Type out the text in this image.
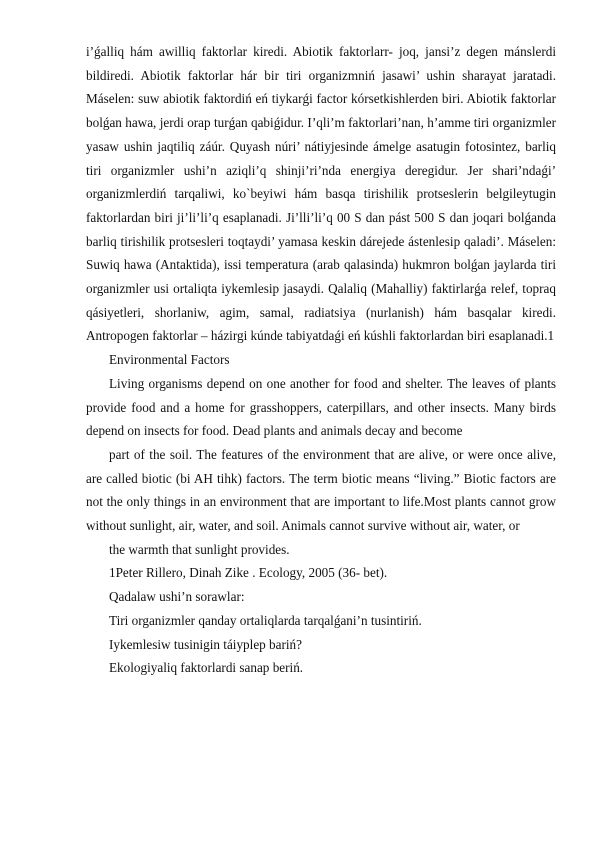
i’ǵalliq hám awilliq faktorlar kiredi. Abiotik faktorlarr- joq, jansi’z degen mánslerdi bildiredi. Abiotik faktorlar hár bir tiri organizmniń jasawi’ ushin sharayat jaratadi. Máselen: suw abiotik faktordiń eń tiykarǵi factor kórsetkishlerden biri. Abiotik faktorlar bolǵan hawa, jerdi orap turǵan qabiǵidur. I’qli’m faktorlari’nan, h’amme tiri organizmler yasaw ushin jaqtiliq záúr. Quyash núri’ nátiyjesinde ámelge asatugin fotosintez, barliq tiri organizmler ushi’n aziqli’q shinji’ri’nda energiya deregidur. Jer shari’ndaǵi’ organizmlerdiń tarqaliwi, ko`beyiwi hám basqa tirishilik protseslerin belgileytugin faktorlardan biri ji’li’li’q esaplanadi. Ji’lli’li’q 00 S dan pást 500 S dan joqari bolǵanda barliq tirishilik protsesleri toqtaydi’ yamasa keskin dárejede ástenlesip qaladi’. Máselen: Suwiq hawa (Antaktida), issi temperatura (arab qalasinda) hukmron bolǵan jaylarda tiri organizmler usi ortaliqta iykemlesip jasaydi. Qalaliq (Mahalliy) faktirlarǵa relef, topraq qásiyetleri, shorlaniw, agim, samal, radiatsiya (nurlanish) hám basqalar kiredi. Antropogen faktorlar – házirgi kúnde tabiyatdaǵi eń kúshli faktorlardan biri esaplanadi.1

Environmental Factors

Living organisms depend on one another for food and shelter. The leaves of plants provide food and a home for grasshoppers, caterpillars, and other insects. Many birds depend on insects for food. Dead plants and animals decay and become

part of the soil. The features of the environment that are alive, or were once alive, are called biotic (bi AH tihk) factors. The term biotic means “living.” Biotic factors are not the only things in an environment that are important to life.Most plants cannot grow without sunlight, air, water, and soil. Animals cannot survive without air, water, or

the warmth that sunlight provides.

1Peter Rillero, Dinah Zike . Ecology, 2005 (36- bet).

Qadalaw ushi’n sorawlar:

Tiri organizmler qanday ortaliqlarda tarqalǵani’n tusintiriń.

Iykemlesiw tusinigin táiyplep bariń?

Ekologiyaliq faktorlardi sanap beriń.
